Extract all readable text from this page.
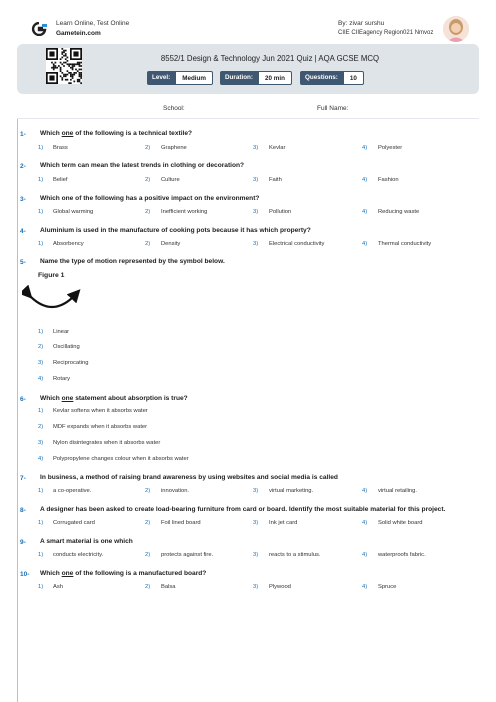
Learn Online, Test Online
Gametein.com
By: zivar surshu
CIIE CIIEagency Region021 Nmvoz
8552/1 Design & Technology Jun 2021 Quiz | AQA GCSE MCQ
Level:	Medium	Duration:	20 min	Questions:	10
School:	Full Name:
1- Which one of the following is a technical textile?
1) Brass	2) Graphene	3) Kevlar	4) Polyester
2- Which term can mean the latest trends in clothing or decoration?
1) Belief	2) Culture	3) Faith	4) Fashion
3- Which one of the following has a positive impact on the environment?
1) Global warming	2) Inefficient working	3) Pollution	4) Reducing waste
4- Aluminium is used in the manufacture of cooking pots because it has which property?
1) Absorbency	2) Density	3) Electrical conductivity	4) Thermal conductivity
5- Name the type of motion represented by the symbol below.
1) Linear
2) Oscillating
3) Reciprocating
4) Rotary
6- Which one statement about absorption is true?
1) Kevlar softens when it absorbs water
2) MDF expands when it absorbs water
3) Nylon disintegrates when it absorbs water
4) Polypropylene changes colour when it absorbs water
7- In business, a method of raising brand awareness by using websites and social media is called
1) a co-operative.	2) innovation.	3) virtual marketing.	4) virtual retailing.
8- A designer has been asked to create load-bearing furniture from card or board. Identify the most suitable material for this project.
1) Corrugated card	2) Foil lined board	3) Ink jet card	4) Solid white board
9- A smart material is one which
1) conducts electricity.	2) protects against fire.	3) reacts to a stimulus.	4) waterproofs fabric.
10- Which one of the following is a manufactured board?
1) Ash	2) Balsa	3) Plywood	4) Spruce
Figure 1
